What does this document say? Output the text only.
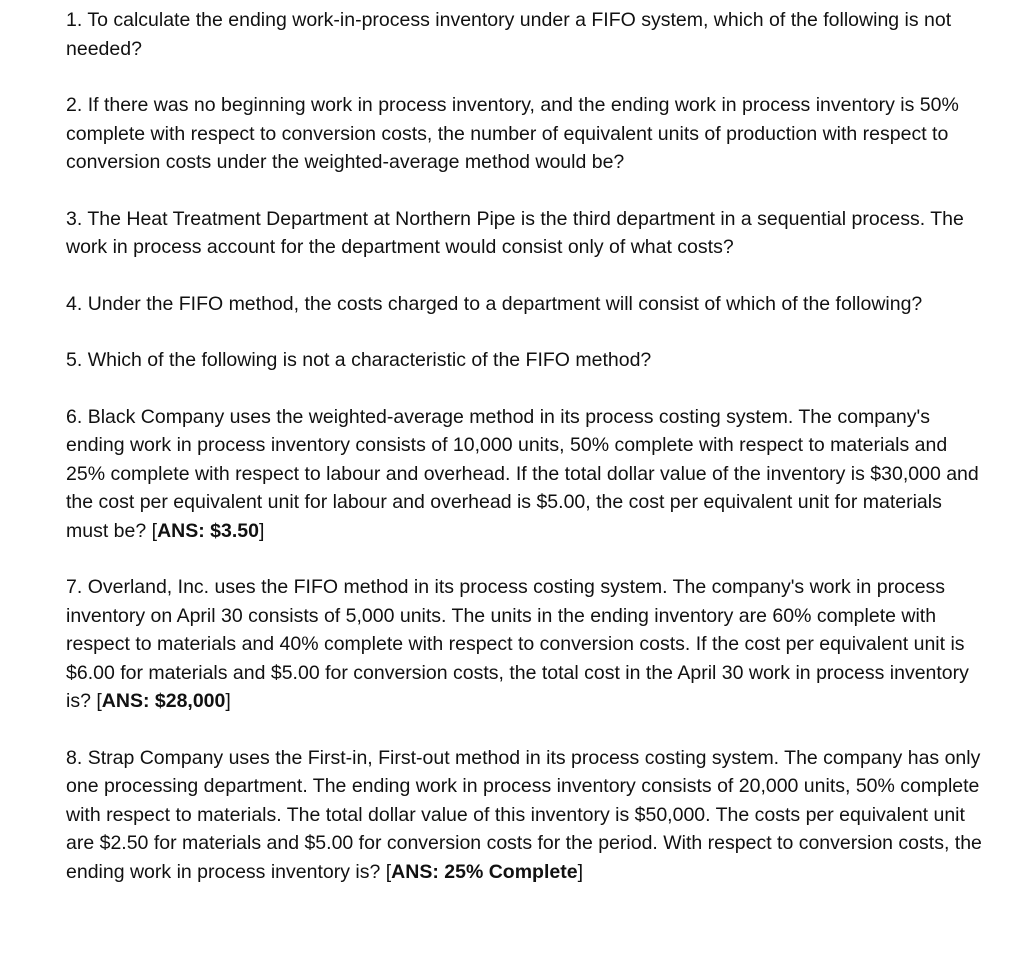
1. To calculate the ending work-in-process inventory under a FIFO system, which of the following is not needed?

2. If there was no beginning work in process inventory, and the ending work in process inventory is 50% complete with respect to conversion costs, the number of equivalent units of production with respect to conversion costs under the weighted-average method would be?

3. The Heat Treatment Department at Northern Pipe is the third department in a sequential process. The work in process account for the department would consist only of what costs?

4. Under the FIFO method, the costs charged to a department will consist of which of the following?

5. Which of the following is not a characteristic of the FIFO method?

6. Black Company uses the weighted-average method in its process costing system. The company's ending work in process inventory consists of 10,000 units, 50% complete with respect to materials and 25% complete with respect to labour and overhead. If the total dollar value of the inventory is $30,000 and the cost per equivalent unit for labour and overhead is $5.00, the cost per equivalent unit for materials must be? [ANS: $3.50]

7. Overland, Inc. uses the FIFO method in its process costing system. The company's work in process inventory on April 30 consists of 5,000 units. The units in the ending inventory are 60% complete with respect to materials and 40% complete with respect to conversion costs. If the cost per equivalent unit is $6.00 for materials and $5.00 for conversion costs, the total cost in the April 30 work in process inventory is? [ANS: $28,000]

8. Strap Company uses the First-in, First-out method in its process costing system. The company has only one processing department. The ending work in process inventory consists of 20,000 units, 50% complete with respect to materials. The total dollar value of this inventory is $50,000. The costs per equivalent unit are $2.50 for materials and $5.00 for conversion costs for the period. With respect to conversion costs, the ending work in process inventory is? [ANS: 25% Complete]
